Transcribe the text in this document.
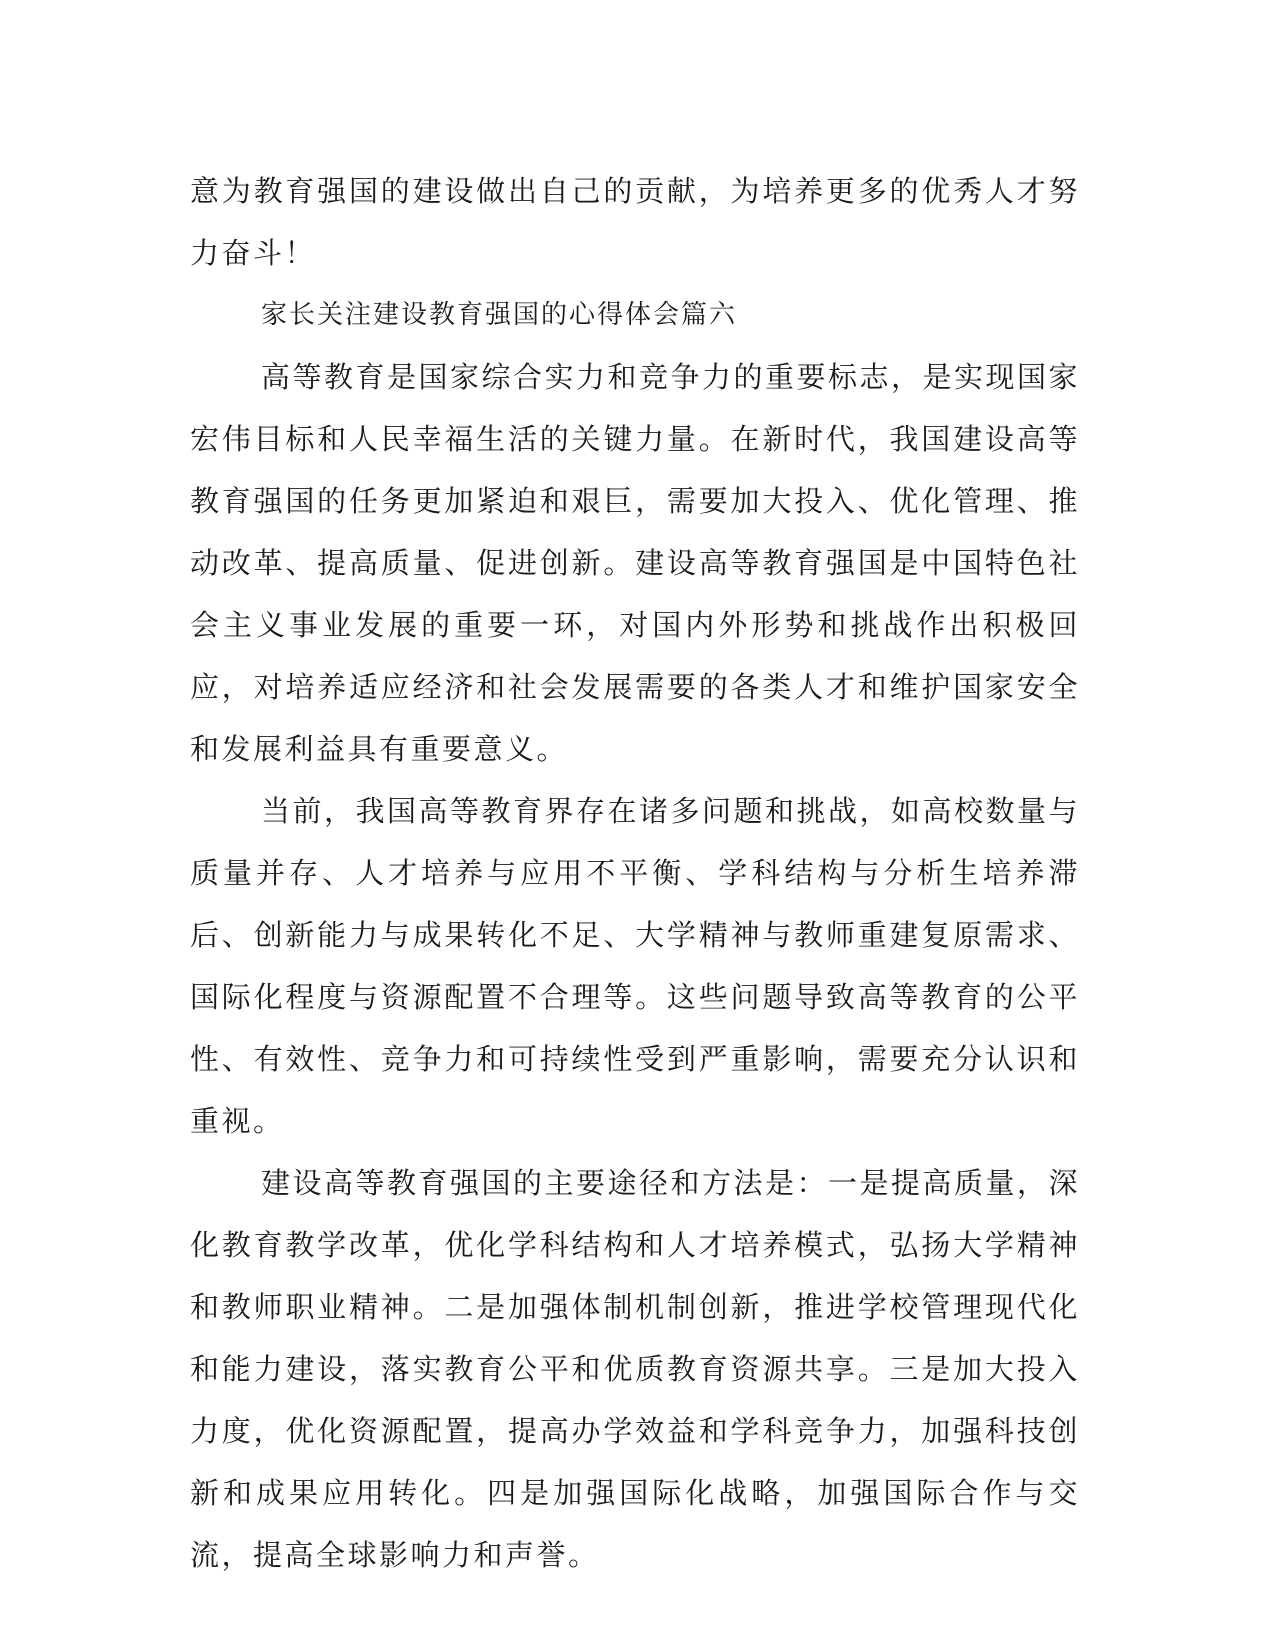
意为教育强国的建设做出自己的贡献，为培养更多的优秀人才努力奋斗！

家长关注建设教育强国的心得体会篇六

高等教育是国家综合实力和竞争力的重要标志，是实现国家宏伟目标和人民幸福生活的关键力量。在新时代，我国建设高等教育强国的任务更加紧迫和艰巨，需要加大投入、优化管理、推动改革、提高质量、促进创新。建设高等教育强国是中国特色社会主义事业发展的重要一环，对国内外形势和挑战作出积极回应，对培养适应经济和社会发展需要的各类人才和维护国家安全和发展利益具有重要意义。

当前，我国高等教育界存在诸多问题和挑战，如高校数量与质量并存、人才培养与应用不平衡、学科结构与分析生培养滞后、创新能力与成果转化不足、大学精神与教师重建复原需求、国际化程度与资源配置不合理等。这些问题导致高等教育的公平性、有效性、竞争力和可持续性受到严重影响，需要充分认识和重视。

建设高等教育强国的主要途径和方法是：一是提高质量，深化教育教学改革，优化学科结构和人才培养模式，弘扬大学精神和教师职业精神。二是加强体制机制创新，推进学校管理现代化和能力建设，落实教育公平和优质教育资源共享。三是加大投入力度，优化资源配置，提高办学效益和学科竞争力，加强科技创新和成果应用转化。四是加强国际化战略，加强国际合作与交流，提高全球影响力和声誉。
